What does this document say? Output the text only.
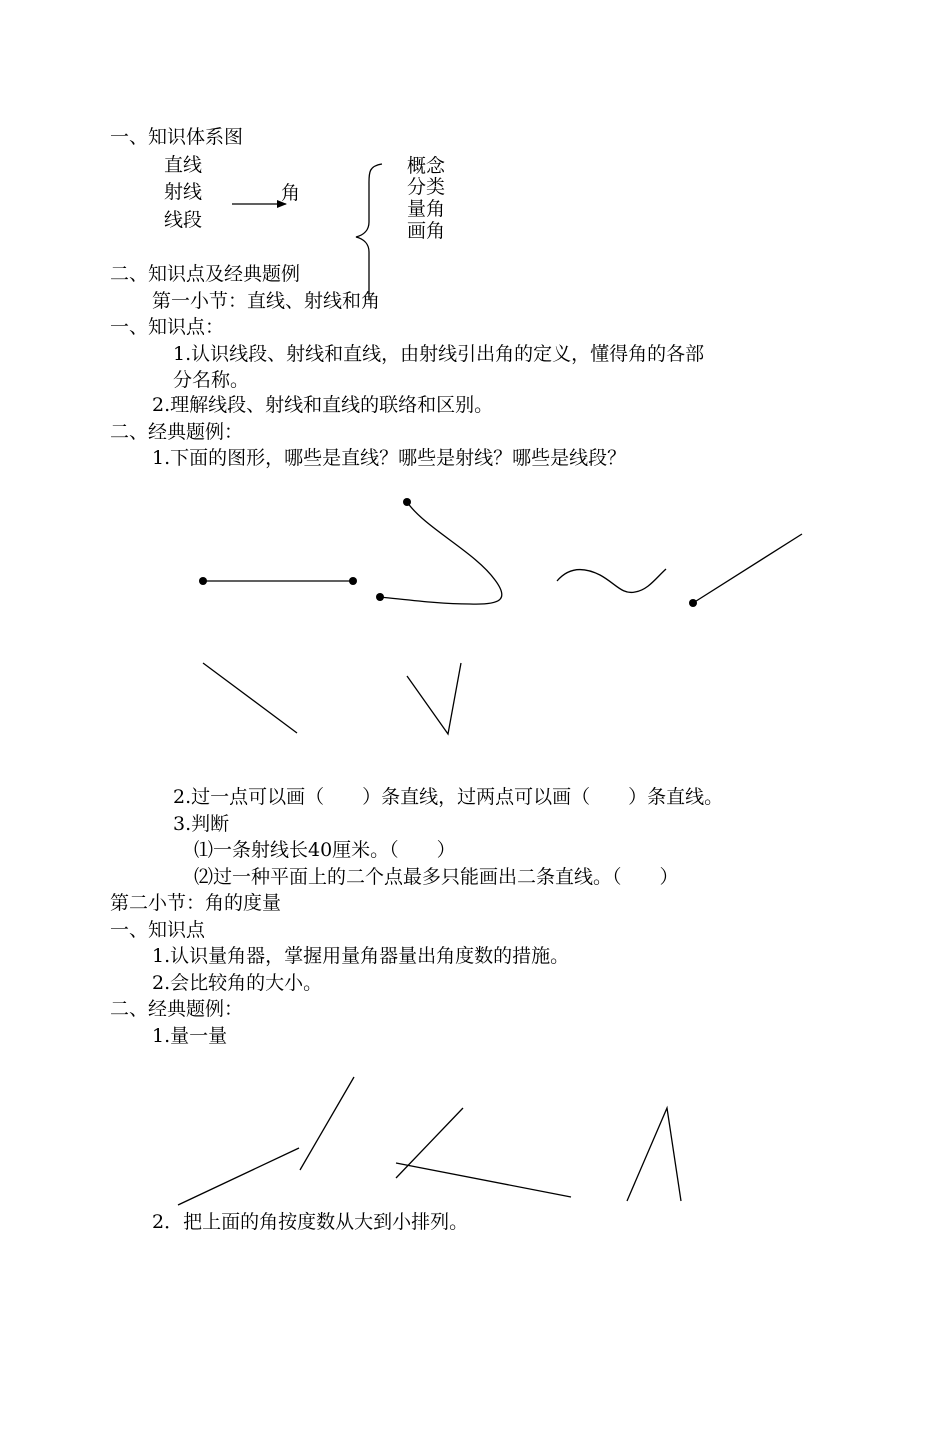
一、知识体系图
直线
射线
线段
角
概念
分类
量角
画角
二、知识点及经典题例
第一小节：直线、射线和角
一、知识点：
1.认识线段、射线和直线，由射线引出角的定义，懂得角的各部
分名称。
2.理解线段、射线和直线的联络和区别。
二、经典题例：
1.下面的图形，哪些是直线？哪些是射线？哪些是线段？
2.过一点可以画（　　）条直线，过两点可以画（　　）条直线。
3.判断
⑴一条射线长40厘米。（　　）
⑵过一种平面上的二个点最多只能画出二条直线。（　　）
第二小节：角的度量
一、知识点
1.认识量角器，掌握用量角器量出角度数的措施。
2.会比较角的大小。
二、经典题例：
1.量一量
2．把上面的角按度数从大到小排列。
